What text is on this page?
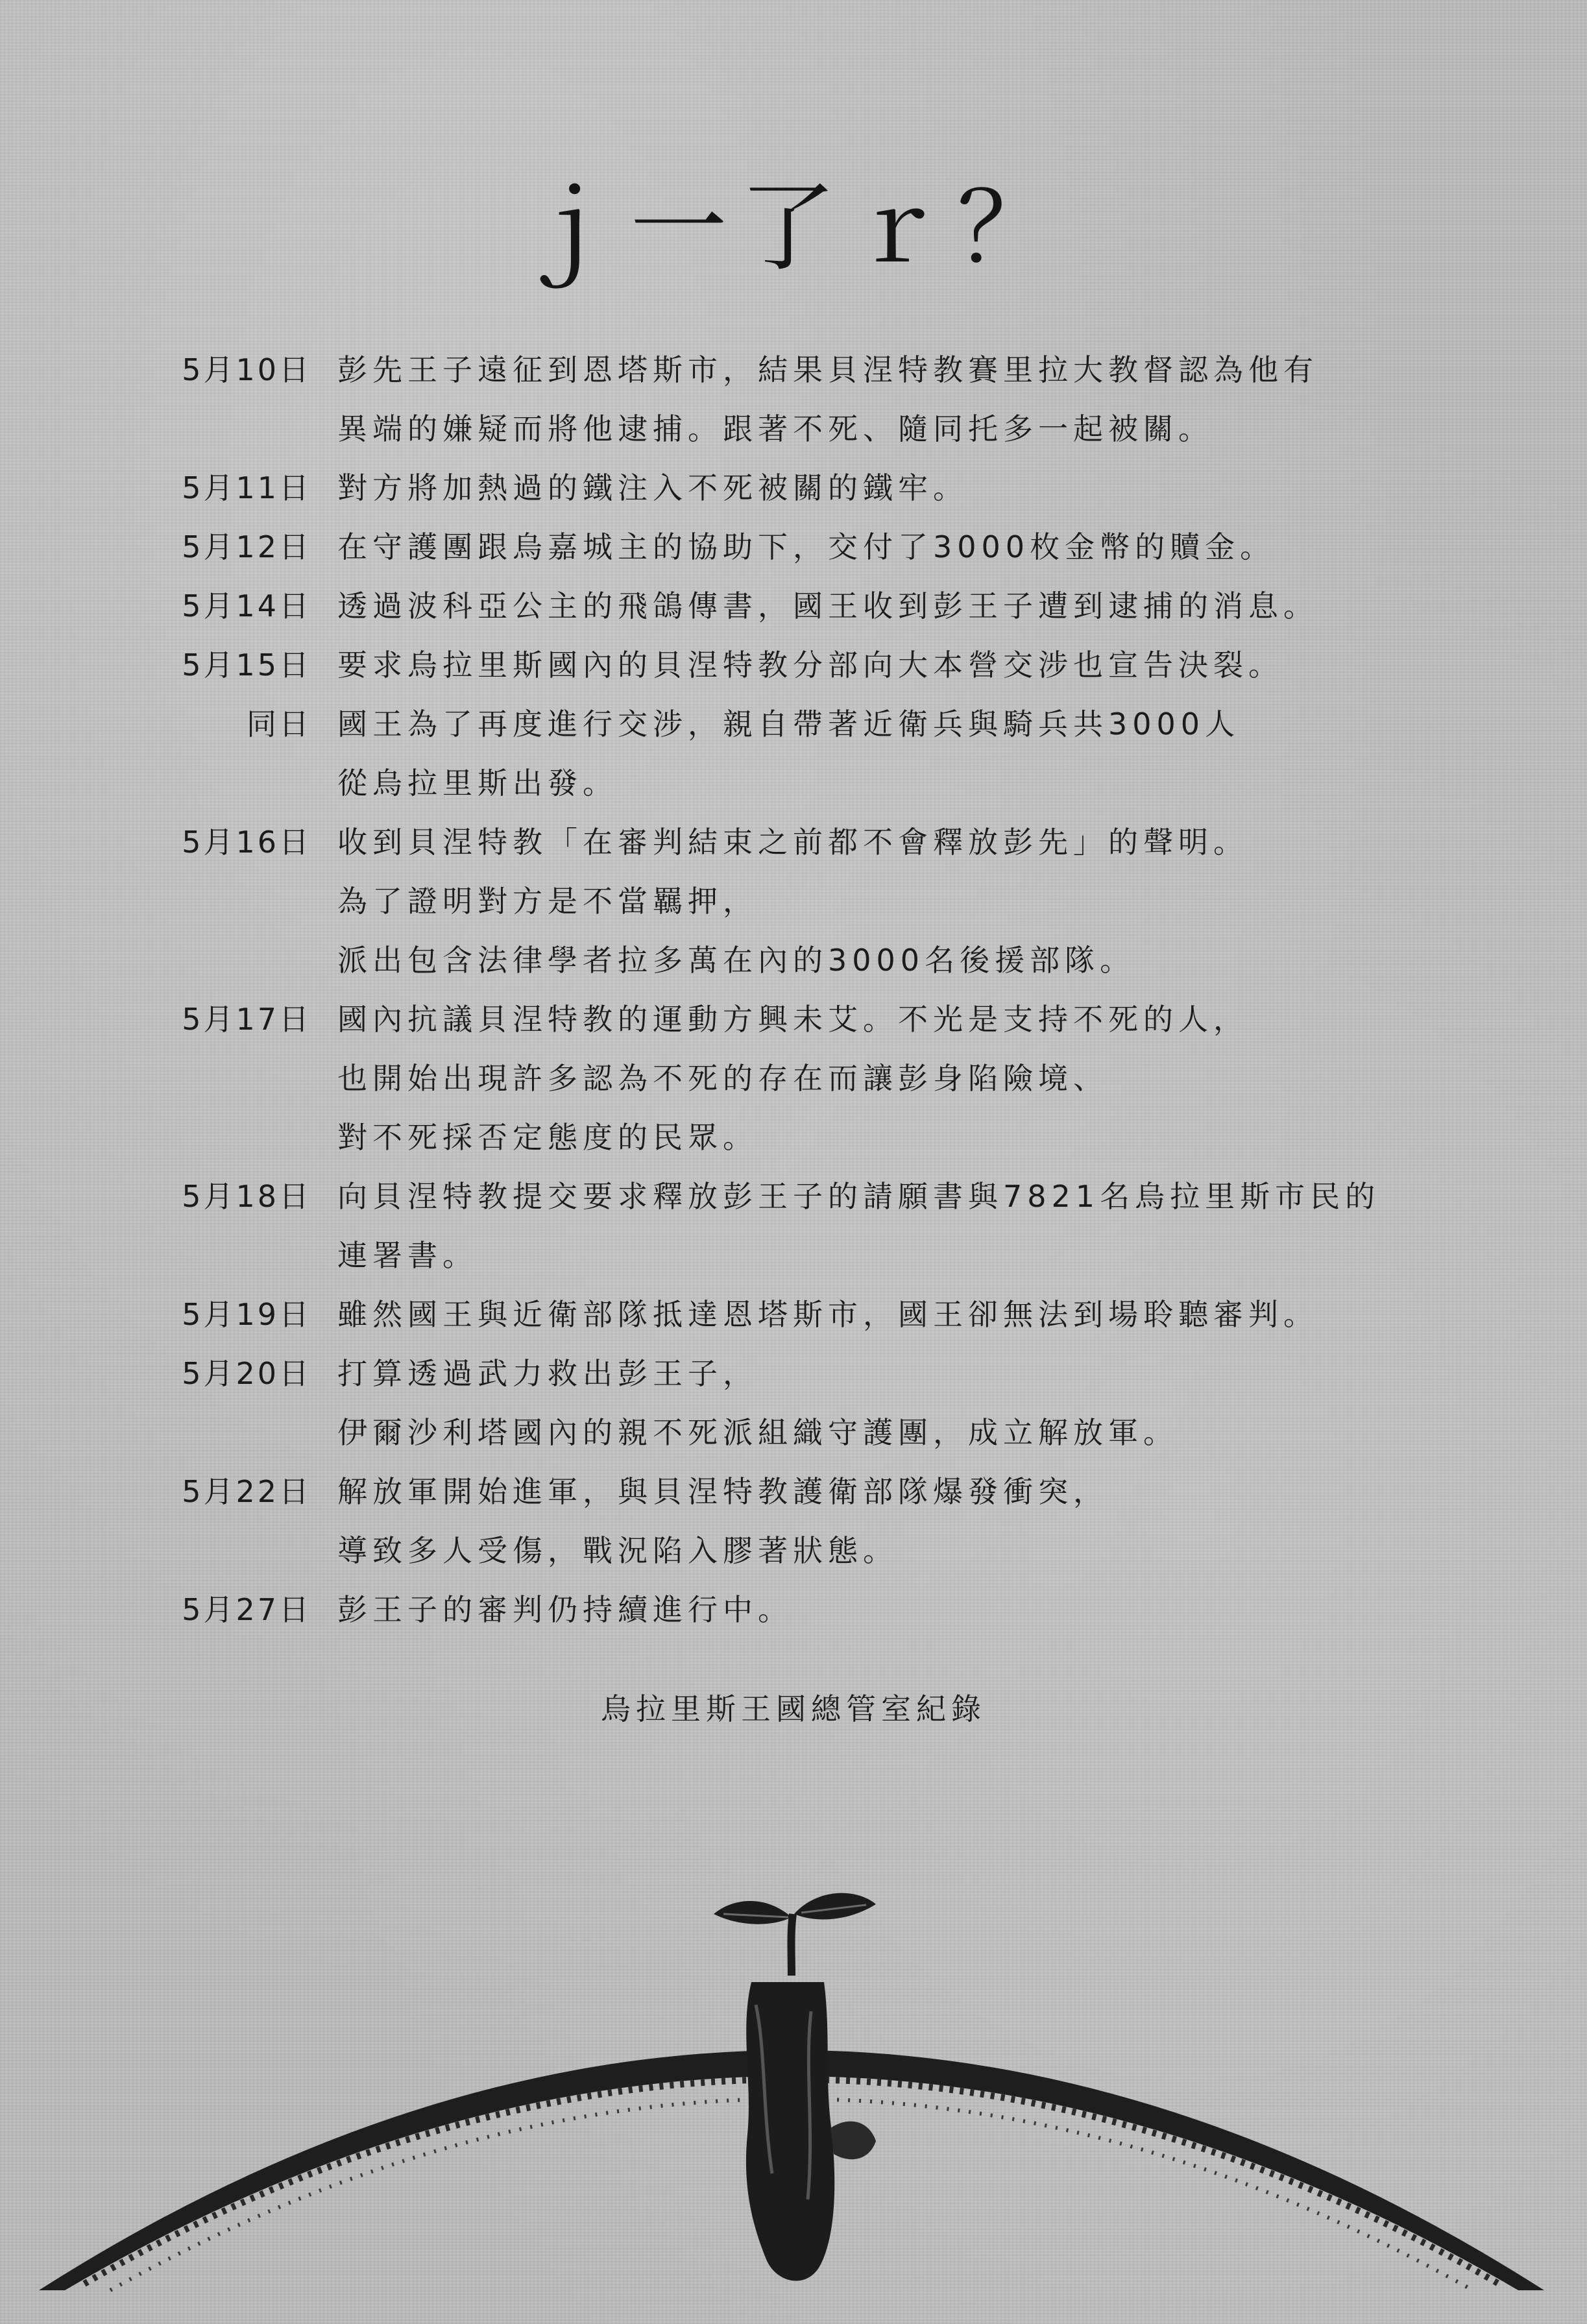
ｊ一了ｒ？
5月10日 彭先王子遠征到恩塔斯市，結果貝涅特教賽里拉大教督認為他有
異端的嫌疑而將他逮捕。跟著不死、隨同托多一起被關。
5月11日 對方將加熱過的鐵注入不死被關的鐵牢。
5月12日 在守護團跟烏嘉城主的協助下，交付了3000枚金幣的贖金。
5月14日 透過波科亞公主的飛鴿傳書，國王收到彭王子遭到逮捕的消息。
5月15日 要求烏拉里斯國內的貝涅特教分部向大本營交涉也宣告決裂。
同日 國王為了再度進行交涉，親自帶著近衛兵與騎兵共3000人
從烏拉里斯出發。
5月16日 收到貝涅特教「在審判結束之前都不會釋放彭先」的聲明。
為了證明對方是不當羈押，
派出包含法律學者拉多萬在內的3000名後援部隊。
5月17日 國內抗議貝涅特教的運動方興未艾。不光是支持不死的人，
也開始出現許多認為不死的存在而讓彭身陷險境、
對不死採否定態度的民眾。
5月18日 向貝涅特教提交要求釋放彭王子的請願書與7821名烏拉里斯市民的
連署書。
5月19日 雖然國王與近衛部隊抵達恩塔斯市，國王卻無法到場聆聽審判。
5月20日 打算透過武力救出彭王子，
伊爾沙利塔國內的親不死派組織守護團，成立解放軍。
5月22日 解放軍開始進軍，與貝涅特教護衛部隊爆發衝突，
導致多人受傷，戰況陷入膠著狀態。
5月27日 彭王子的審判仍持續進行中。
烏拉里斯王國總管室紀錄
